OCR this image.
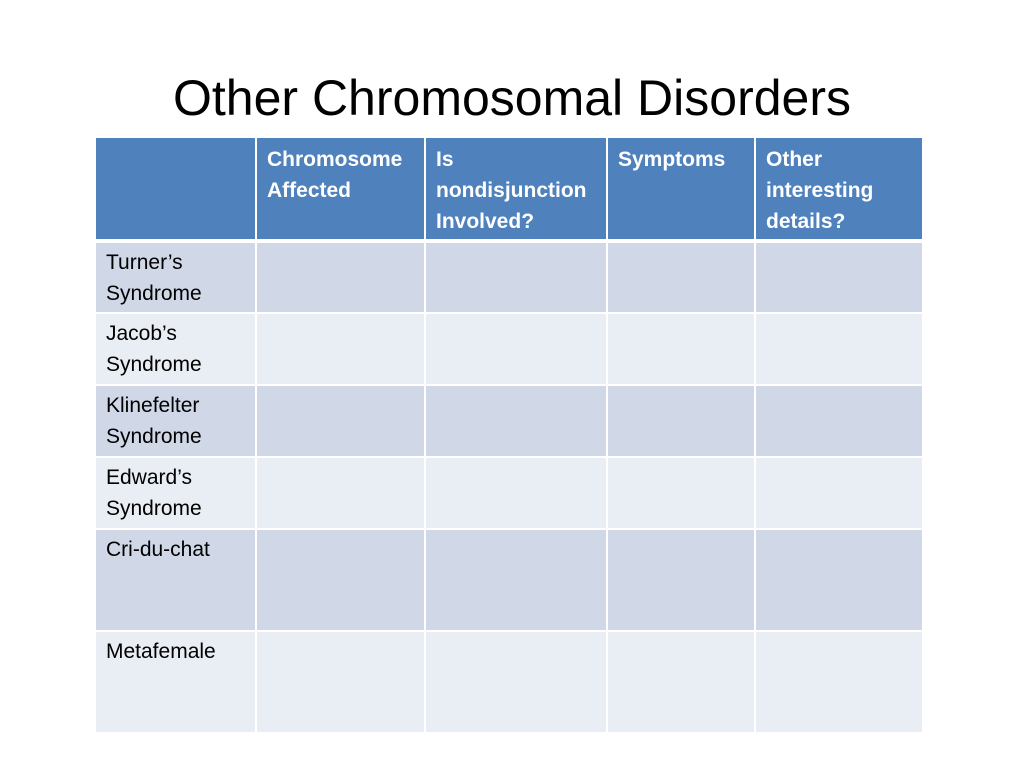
Other Chromosomal Disorders
	Chromosome Affected	Is nondisjunction Involved?	Symptoms	Other interesting details?
Turner’s Syndrome				
Jacob’s Syndrome				
Klinefelter Syndrome				
Edward’s Syndrome				
Cri-du-chat				
Metafemale				
